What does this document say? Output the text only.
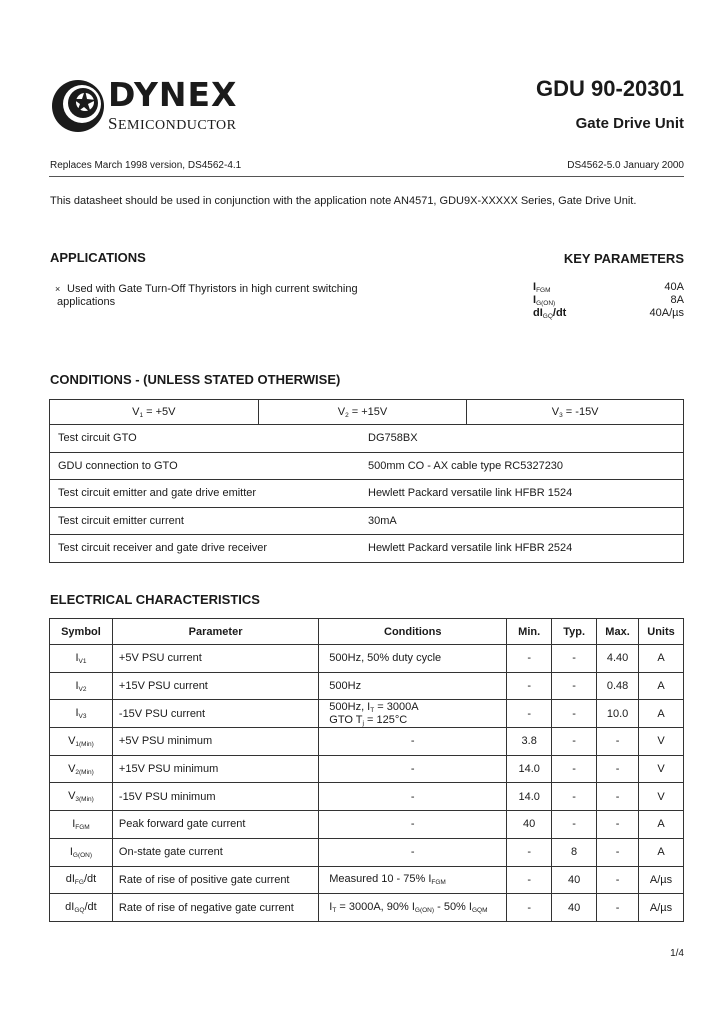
DYNEX
SEMICONDUCTOR
GDU 90-20301
Gate Drive Unit
Replaces March 1998 version, DS4562-4.1	DS4562-5.0 January 2000
This datasheet should be used in conjunction with the application note AN4571, GDU9X-XXXXX Series, Gate Drive Unit.
APPLICATIONS
× Used with Gate Turn-Off Thyristors in high current switching
applications
KEY PARAMETERS
$I_{FGM}$	40A
$I_{G(ON)}$	8A
$dI_{GQ}/dt$	40A/µs
CONDITIONS - (UNLESS STATED OTHERWISE)
$V_1 = +5V$	$V_2 = +15V$	$V_3 = -15V$

Test circuit GTO	DG758BX

GDU connection to GTO	500mm CO - AX cable type RC5327230

Test circuit emitter and gate drive emitter	Hewlett Packard versatile link HFBR 1524

Test circuit emitter current	30mA

Test circuit receiver and gate drive receiver	Hewlett Packard versatile link HFBR 2524
ELECTRICAL CHARACTERISTICS
Symbol	Parameter	Conditions	Min.	Typ.	Max.	Units
$I_{V1}$	+5V PSU current	500Hz, 50% duty cycle	-	-	4.40	A
$I_{V2}$	+15V PSU current	500Hz	-	-	0.48	A
$I_{V3}$	-15V PSU current	500Hz, $I_T = 3000A$
GTO $T_j = 125^\circ C$	-	-	10.0	A
$V_{1(Min)}$	+5V PSU minimum	-	3.8	-	-	V
$V_{2(Min)}$	+15V PSU minimum	-	14.0	-	-	V
$V_{3(Min)}$	-15V PSU minimum	-	14.0	-	-	V
$I_{FGM}$	Peak forward gate current	-	40	-	-	A
$I_{G(ON)}$	On-state gate current	-	-	8	-	A
$dI_{FG}/dt$	Rate of rise of positive gate current	Measured 10 - 75% $I_{FGM}$	-	40	-	A/µs
$dI_{GQ}/dt$	Rate of rise of negative gate current	$I_T = 3000A$, 90% $I_{G(ON)} - 50\%$ $I_{GQM}$	-	40	-	A/µs
1/4
